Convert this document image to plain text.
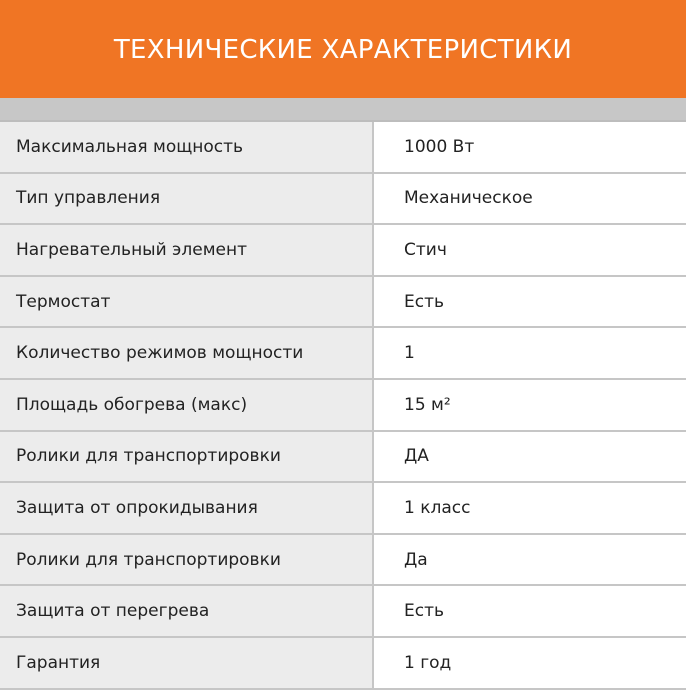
ТЕХНИЧЕСКИЕ ХАРАКТЕРИСТИКИ
Максимальная мощность	1000 Вт
Тип управления	Механическое
Нагревательный элемент	Стич
Термостат	Есть
Количество режимов мощности	1
Площадь обогрева (макс)	15 м²
Ролики для транспортировки	ДА
Защита от опрокидывания	1 класс
Ролики для транспортировки	Да
Защита от перегрева	Есть
Гарантия	1 год
